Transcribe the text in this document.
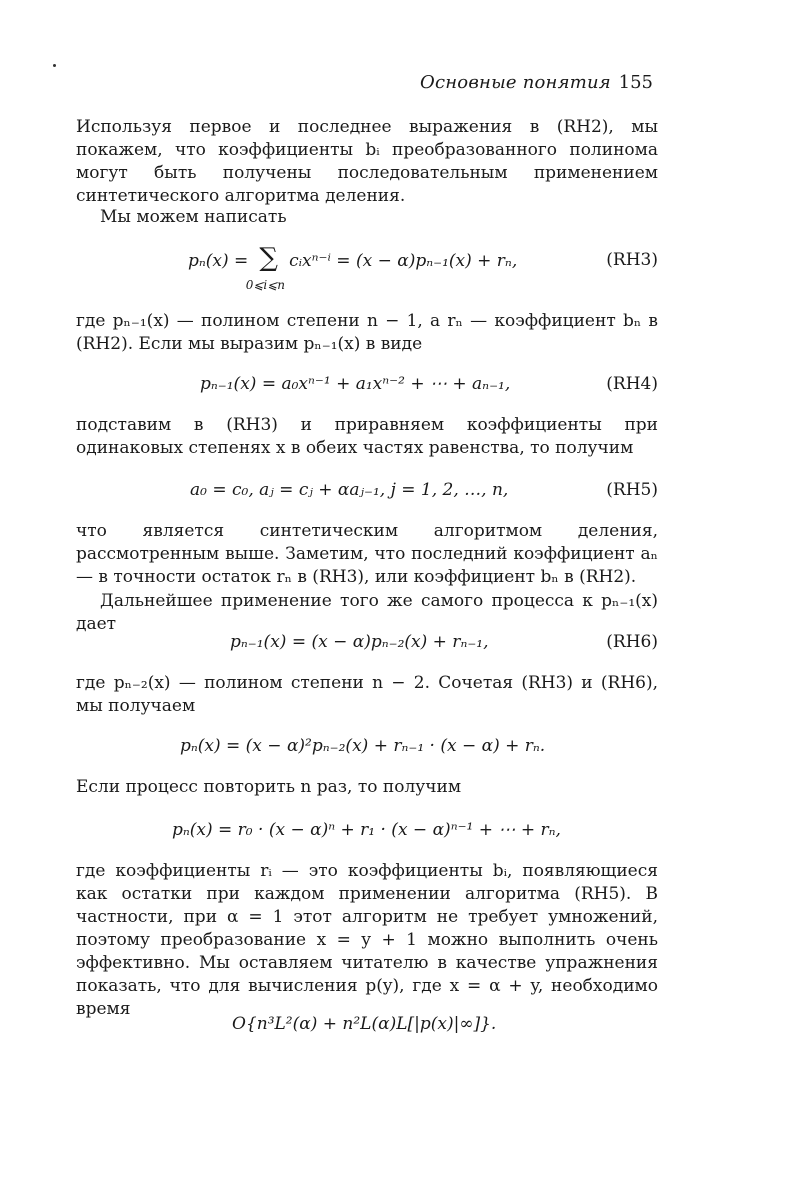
Основные понятия 155
Используя первое и последнее выражения в (RH2), мы покажем, что коэффициенты bᵢ преобразованного полинома могут быть получены последовательным применением синтетического алгоритма деления.
Мы можем написать
pₙ(x) = ∑
0⩽i⩽n
cᵢxⁿ⁻ⁱ = (x − α)pₙ₋₁(x) + rₙ,	(RH3)
где pₙ₋₁(x) — полином степени n − 1, а rₙ — коэффициент bₙ в (RH2). Если мы выразим pₙ₋₁(x) в виде
pₙ₋₁(x) = a₀xⁿ⁻¹ + a₁xⁿ⁻² + ⋯ + aₙ₋₁,	(RH4)
подставим в (RH3) и приравняем коэффициенты при одинаковых степенях x в обеих частях равенства, то получим
a₀ = c₀, aⱼ = cⱼ + αaⱼ₋₁, j = 1, 2, …, n,	(RH5)
что является синтетическим алгоритмом деления, рассмотренным выше. Заметим, что последний коэффициент aₙ — в точности остаток rₙ в (RH3), или коэффициент bₙ в (RH2).
Дальнейшее применение того же самого процесса к pₙ₋₁(x) дает
pₙ₋₁(x) = (x − α)pₙ₋₂(x) + rₙ₋₁,	(RH6)
где pₙ₋₂(x) — полином степени n − 2. Сочетая (RH3) и (RH6), мы получаем
pₙ(x) = (x − α)²pₙ₋₂(x) + rₙ₋₁ · (x − α) + rₙ.
Если процесс повторить n раз, то получим
pₙ(x) = r₀ · (x − α)ⁿ + r₁ · (x − α)ⁿ⁻¹ + ⋯ + rₙ,
где коэффициенты rᵢ — это коэффициенты bᵢ, появляющиеся как остатки при каждом применении алгоритма (RH5). В частности, при α = 1 этот алгоритм не требует умножений, поэтому преобразование x = y + 1 можно выполнить очень эффективно. Мы оставляем читателю в качестве упражнения показать, что для вычисления p(y), где x = α + y, необходимо время
O{n³L²(α) + n²L(α)L[|p(x)|∞]}.
